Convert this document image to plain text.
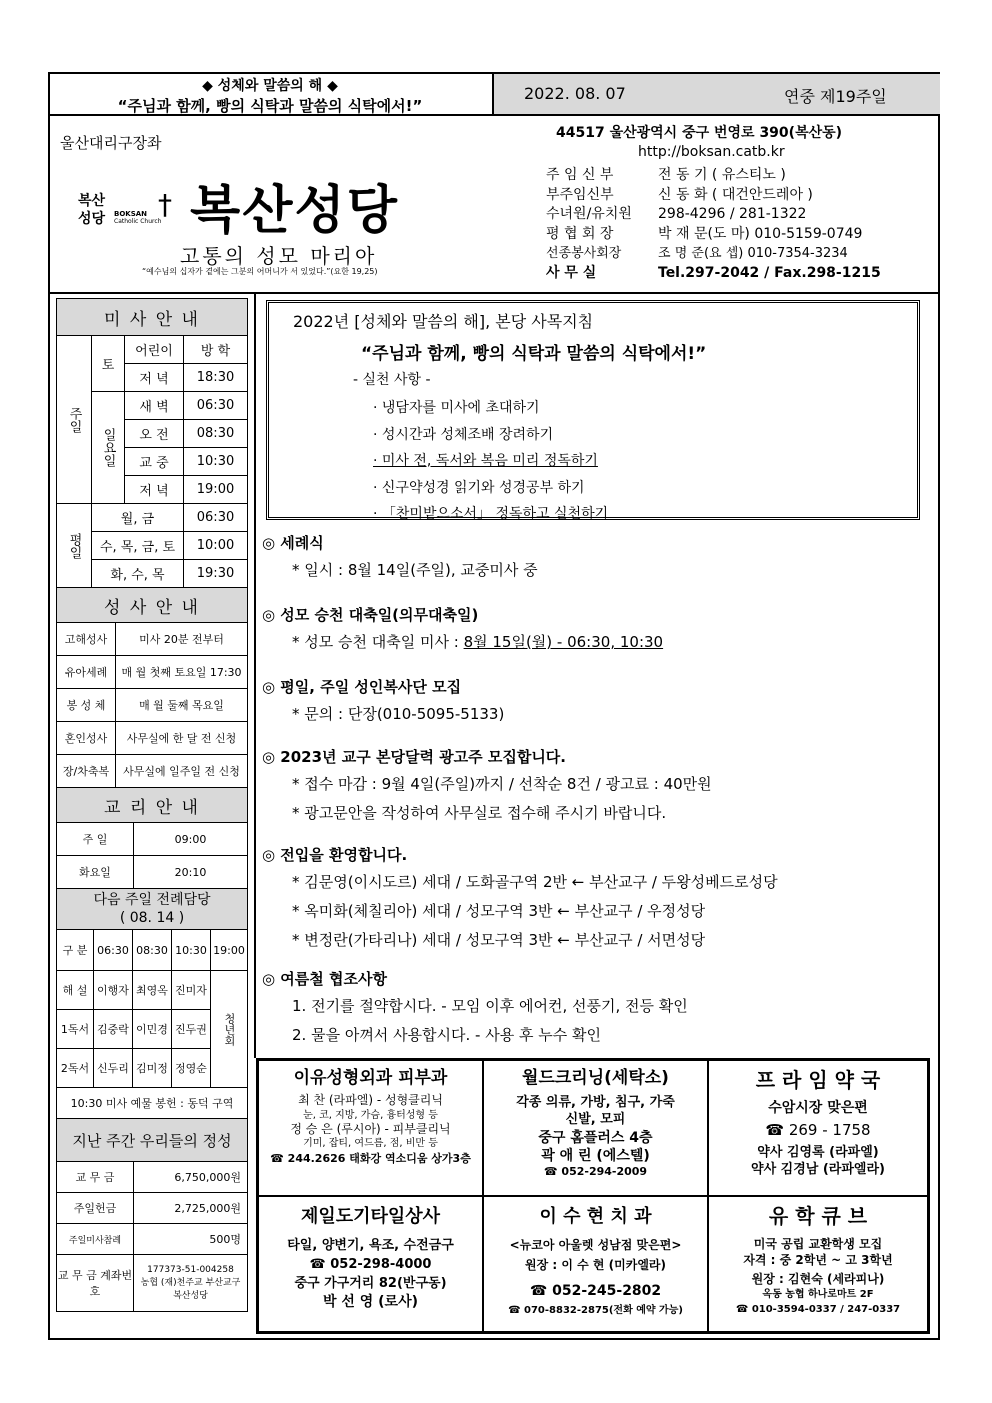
◆ 성체와 말씀의 해 ◆
“주님과 함께, 빵의 식탁과 말씀의 식탁에서!”
2022. 08. 07	연중 제19주일
울산대리구장좌
복산
성당 BOKSAN
Catholic Church
† 복산성당
고통의 성모 마리아
“예수님의 십자가 곁에는 그분의 어머니가 서 있었다.”(요한 19,25)
44517 울산광역시 중구 번영로 390(복산동)
http://boksan.catb.kr
주 임 신 부	전 동 기 ( 유스티노 )
부주임신부	신 동 화 ( 대건안드레아 )
수녀원/유치원 298-4296 / 281-1322
평 협 회 장	박 재 문(도 마) 010-5159-0749
선종봉사회장	조 명 준(요 셉) 010-7354-3234
사 무 실	Tel.297-2042 / Fax.298-1215
미 사 안 내			
주일	토	어린이	방 학
		저 녁	18:30
	일요일	새 벽	06:30
		오 전	08:30
		교 중	10:30
		저 녁	19:00
평일	월, 금		06:30
	수, 목, 금, 토		10:00
	화, 수, 목		19:30
성 사 안 내	
고해성사	미사 20분 전부터
유아세례	매 월 첫째 토요일 17:30
봉 성 체	매 월 둘째 목요일
혼인성사	사무실에 한 달 전 신청
장/차축복	사무실에 일주일 전 신청
교 리 안 내	
주 일	09:00
화요일	20:10
다음 주일 전례담당
( 08. 14 )				

구 분	06:30	08:30	10:30	19:00
해 설	이행자	최영옥	진미자	청년회
1독서	김중락	이민경	진두권	
2독서	신두리	김미정	정영순	
10:30 미사 예물 봉헌 : 동덕 구역				
지난 주간 우리들의 정성	
교 무 금	6,750,000원
주일헌금	2,725,000원
주일미사참례	500명
교 무 금 계좌번호	177373-51-004258
농협 (재)천주교 부산교구
복산성당
2022년 [성체와 말씀의 해], 본당 사목지침
“주님과 함께, 빵의 식탁과 말씀의 식탁에서!”
- 실천 사항 -
· 냉담자를 미사에 초대하기
· 성시간과 성체조배 장려하기
· 미사 전, 독서와 복음 미리 정독하기
· 신구약성경 읽기와 성경공부 하기
· 「찬미받으소서」 정독하고 실천하기
◎ 세례식
* 일시 : 8월 14일(주일), 교중미사 중
◎ 성모 승천 대축일(의무대축일)
* 성모 승천 대축일 미사 : 8월 15일(월) - 06:30, 10:30
◎ 평일, 주일 성인복사단 모집
* 문의 : 단장(010-5095-5133)
◎ 2023년 교구 본당달력 광고주 모집합니다.
* 접수 마감 : 9월 4일(주일)까지 / 선착순 8건 / 광고료 : 40만원
* 광고문안을 작성하여 사무실로 접수해 주시기 바랍니다.
◎ 전입을 환영합니다.
* 김문영(이시도르) 세대 / 도화골구역 2반 ← 부산교구 / 두왕성베드로성당
* 옥미화(체칠리아) 세대 / 성모구역 3반 ← 부산교구 / 우정성당
* 변정란(가타리나) 세대 / 성모구역 3반 ← 부산교구 / 서면성당
◎ 여름철 협조사항
1. 전기를 절약합시다. - 모임 이후 에어컨, 선풍기, 전등 확인
2. 물을 아껴서 사용합시다. - 사용 후 누수 확인
이유성형외과 피부과
최 찬 (라파엘) - 성형클리닉
눈, 코, 지방, 가슴, 흉터성형 등
정 승 은 (루시아) - 피부클리닉
기미, 잡티, 여드름, 점, 비만 등
☎ 244.2626 태화강 역소디움 상가3층
월드크리닝(세탁소)
각종 의류, 가방, 침구, 가죽
신발, 모피
중구 홈플러스 4층
곽 애 린 (에스텔)
☎ 052-294-2009
프 라 임 약 국
수암시장 맞은편
☎ 269 - 1758
약사 김영록 (라파엘)
약사 김경남 (라파엘라)
제일도기타일상사
타일, 양변기, 욕조, 수전금구
☎ 052-298-4000
중구 가구거리 82(반구동)
박 선 영 (로사)
이 수 현 치 과
<뉴코아 아울렛 성남점 맞은편>
원장 : 이 수 현 (미카엘라)
☎ 052-245-2802
☎ 070-8832-2875(전화 예약 가능)
유 학 큐 브
미국 공립 교환학생 모집
자격 : 중 2학년 ~ 고 3학년
원장 : 김현숙 (세라피나)
옥동 농협 하나로마트 2F
☎ 010-3594-0337 / 247-0337
